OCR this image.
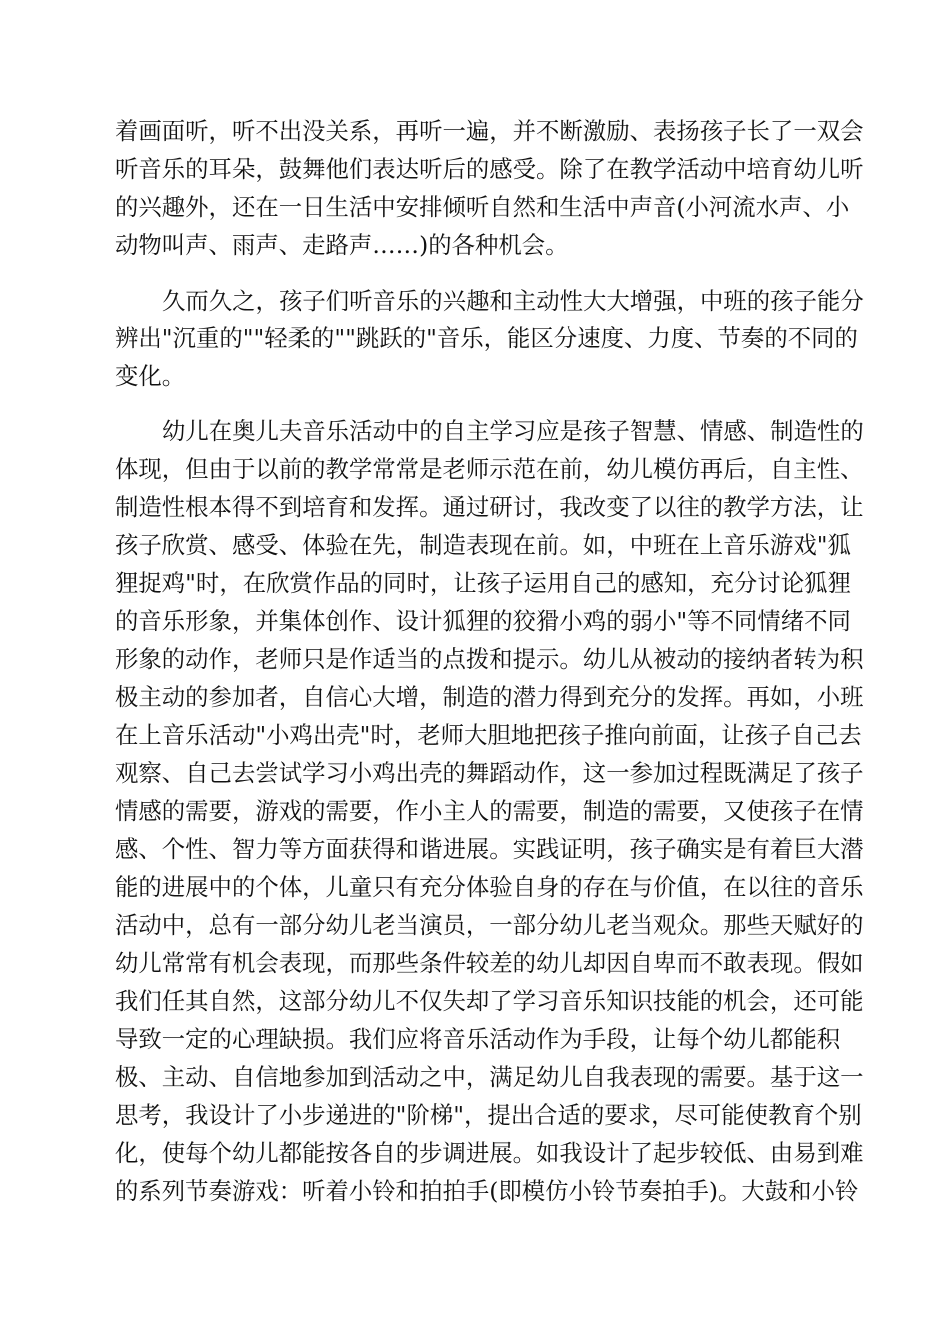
着画面听，听不出没关系，再听一遍，并不断激励、表扬孩子长了一双会
听音乐的耳朵，鼓舞他们表达听后的感受。除了在教学活动中培育幼儿听
的兴趣外，还在一日生活中安排倾听自然和生活中声音(小河流水声、小
动物叫声、雨声、走路声……)的各种机会。
久而久之，孩子们听音乐的兴趣和主动性大大增强，中班的孩子能分
辨出"沉重的""轻柔的""跳跃的"音乐，能区分速度、力度、节奏的不同的
变化。
幼儿在奥儿夫音乐活动中的自主学习应是孩子智慧、情感、制造性的
体现，但由于以前的教学常常是老师示范在前，幼儿模仿再后，自主性、
制造性根本得不到培育和发挥。通过研讨，我改变了以往的教学方法，让
孩子欣赏、感受、体验在先，制造表现在前。如，中班在上音乐游戏"狐
狸捉鸡"时，在欣赏作品的同时，让孩子运用自己的感知，充分讨论狐狸
的音乐形象，并集体创作、设计狐狸的狡猾小鸡的弱小"等不同情绪不同
形象的动作，老师只是作适当的点拨和提示。幼儿从被动的接纳者转为积
极主动的参加者，自信心大增，制造的潜力得到充分的发挥。再如，小班
在上音乐活动"小鸡出壳"时，老师大胆地把孩子推向前面，让孩子自己去
观察、自己去尝试学习小鸡出壳的舞蹈动作，这一参加过程既满足了孩子
情感的需要，游戏的需要，作小主人的需要，制造的需要，又使孩子在情
感、个性、智力等方面获得和谐进展。实践证明，孩子确实是有着巨大潜
能的进展中的个体，儿童只有充分体验自身的存在与价值，在以往的音乐
活动中，总有一部分幼儿老当演员，一部分幼儿老当观众。那些天赋好的
幼儿常常有机会表现，而那些条件较差的幼儿却因自卑而不敢表现。假如
我们任其自然，这部分幼儿不仅失却了学习音乐知识技能的机会，还可能
导致一定的心理缺损。我们应将音乐活动作为手段，让每个幼儿都能积
极、主动、自信地参加到活动之中，满足幼儿自我表现的需要。基于这一
思考，我设计了小步递进的"阶梯"，提出合适的要求，尽可能使教育个别
化，使每个幼儿都能按各自的步调进展。如我设计了起步较低、由易到难
的系列节奏游戏：听着小铃和拍拍手(即模仿小铃节奏拍手)。大鼓和小铃
